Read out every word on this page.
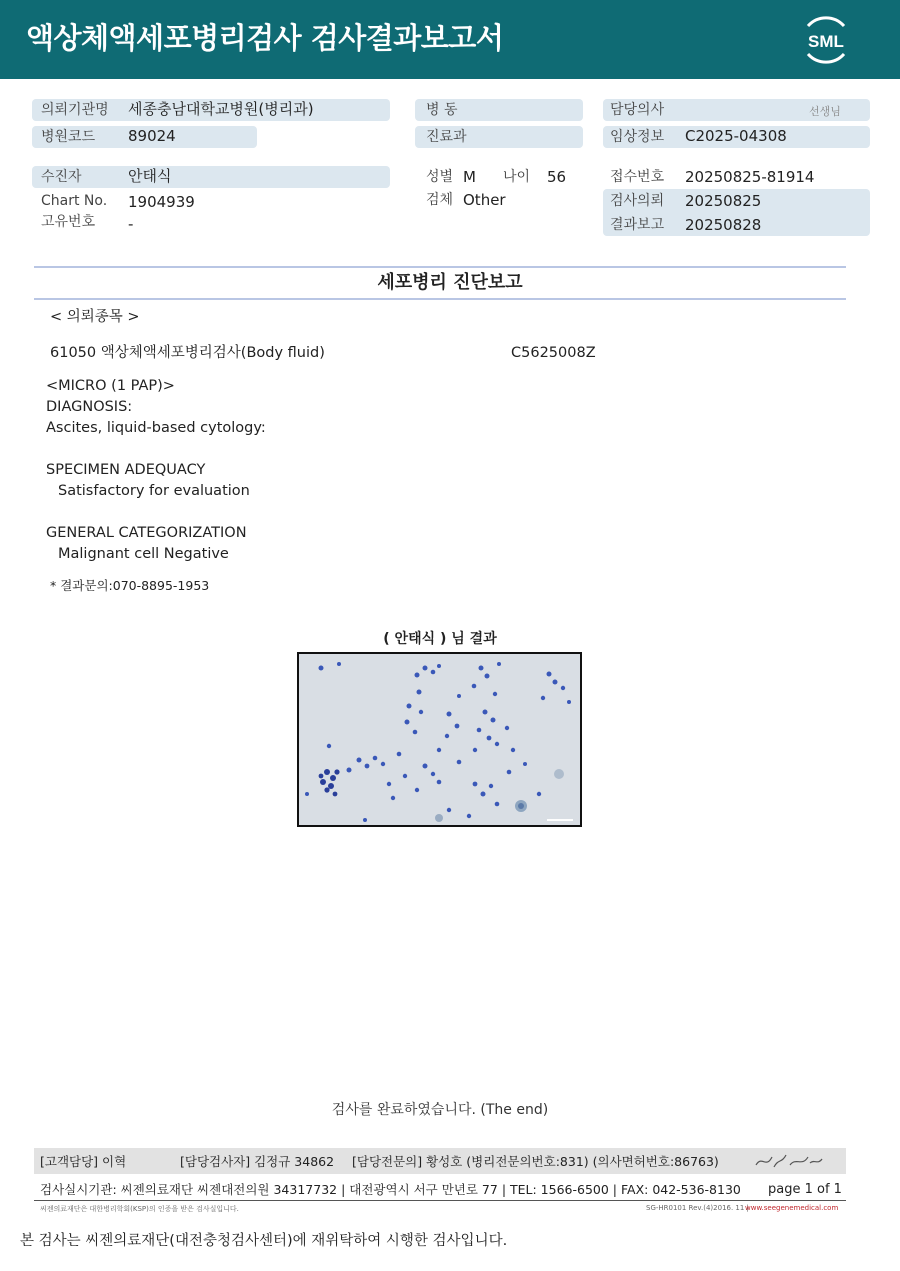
액상체액세포병리검사 검사결과보고서	SML
의뢰기관명 세종충남대학교병원(병리과)	병 동	담당의사	선생님
병원코드 89024	진료과	임상정보 C2025-04308
수진자	안태식	성별 M 나이 56	접수번호 20250825-81914
Chart No. 1904939	검체 Other	검사의뢰 20250825
결과보고 20250828
고유번호 -
세포병리 진단보고
< 의뢰종목 >
61050 액상체액세포병리검사(Body fluid)	C5625008Z
<MICRO (1 PAP)>
DIAGNOSIS:
Ascites, liquid-based cytology:
SPECIMEN ADEQUACY
Satisfactory for evaluation
GENERAL CATEGORIZATION
Malignant cell Negative
* 결과문의:070-8895-1953
( 안태식 ) 님 결과
검사를 완료하였습니다. (The end)
[고객담당] 이혁	[담당검사자] 김정규 34862 [담당전문의] 황성호 (병리전문의번호:831) (의사면허번호:86763)
검사실시기관: 씨젠의료재단 씨젠대전의원 34317732 | 대전광역시 서구 만년로 77 | TEL: 1566-6500 | FAX: 042-536-8130 page 1 of 1
씨젠의료재단은 대한병리학회(KSP)의 인증을 받은 검사실입니다.	SG-HR0101 Rev.(4)2016. 11 |
www.seegenemedical.com
본 검사는 씨젠의료재단(대전충청검사센터)에 재위탁하여 시행한 검사입니다.
